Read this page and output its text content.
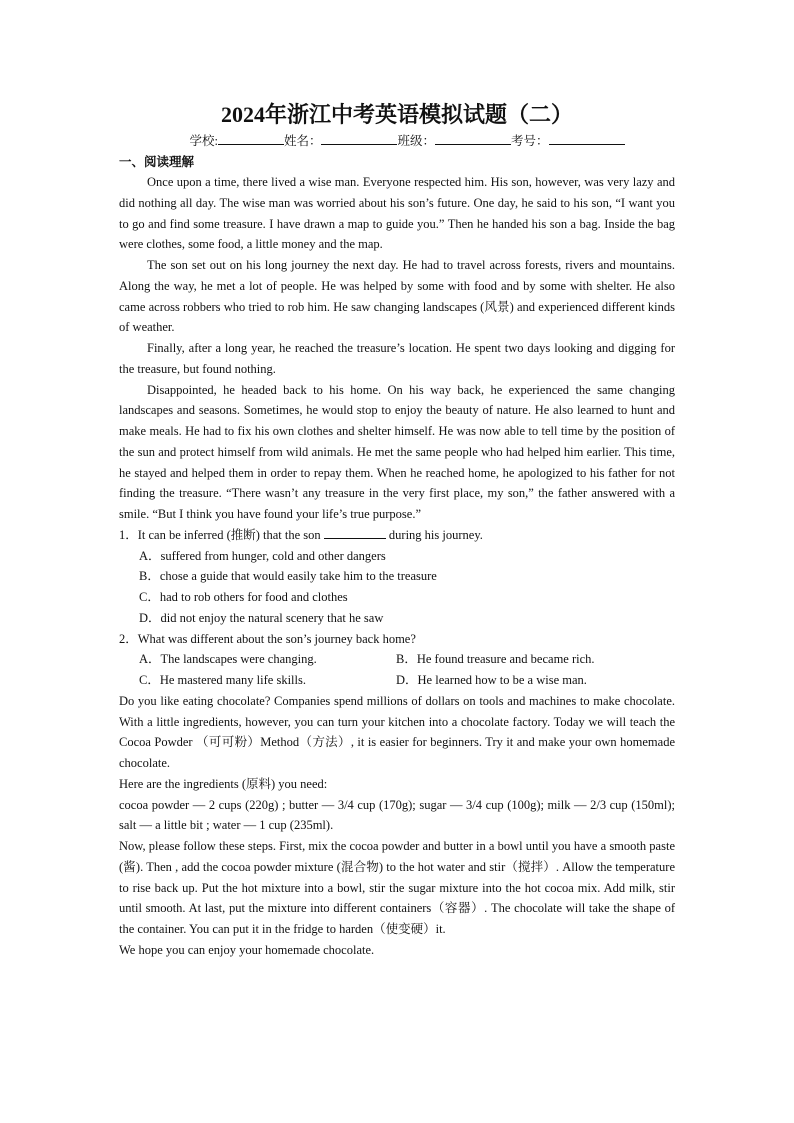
2024年浙江中考英语模拟试题（二）
学校:	姓名：	班级：	考号：
一、阅读理解

Once upon a time, there lived a wise man. Everyone respected him. His son, however, was very lazy and did nothing all day. The wise man was worried about his son’s future. One day, he said to his son, “I want you to go and find some treasure. I have drawn a map to guide you.” Then he handed his son a bag. Inside the bag were clothes, some food, a little money and the map.

The son set out on his long journey the next day. He had to travel across forests, rivers and mountains. Along the way, he met a lot of people. He was helped by some with food and by some with shelter. He also came across robbers who tried to rob him. He saw changing landscapes (风景) and experienced different kinds of weather.

Finally, after a long year, he reached the treasure’s location. He spent two days looking and digging for the treasure, but found nothing.

Disappointed, he headed back to his home. On his way back, he experienced the same changing landscapes and seasons. Sometimes, he would stop to enjoy the beauty of nature. He also learned to hunt and make meals. He had to fix his own clothes and shelter himself. He was now able to tell time by the position of the sun and protect himself from wild animals. He met the same people who had helped him earlier. This time, he stayed and helped them in order to repay them. When he reached home, he apologized to his father for not finding the treasure. “There wasn’t any treasure in the very first place, my son,” the father answered with a smile. “But I think you have found your life’s true purpose.”

1．It can be inferred (推断) that the son	during his journey.
A．suffered from hunger, cold and other dangers
B．chose a guide that would easily take him to the treasure
C．had to rob others for food and clothes
D．did not enjoy the natural scenery that he saw
2．What was different about the son’s journey back home?
A．The landscapes were changing.	B．He found treasure and became rich.
C．He mastered many life skills.	D．He learned how to be a wise man.

Do you like eating chocolate? Companies spend millions of dollars on tools and machines to make chocolate. With a little ingredients, however, you can turn your kitchen into a chocolate factory. Today we will teach the Cocoa Powder （可可粉）Method（方法）, it is easier for beginners. Try it and make your own homemade chocolate.

Here are the ingredients (原料) you need:

cocoa powder — 2 cups (220g) ; butter — 3/4 cup (170g); sugar — 3/4 cup (100g); milk — 2/3 cup (150ml); salt — a little bit ; water — 1 cup (235ml).

Now, please follow these steps. First, mix the cocoa powder and butter in a bowl until you have a smooth paste (酱). Then , add the cocoa powder mixture (混合物) to the hot water and stir（搅拌）. Allow the temperature to rise back up. Put the hot mixture into a bowl, stir the sugar mixture into the hot cocoa mix. Add milk, stir until smooth. At last, put the mixture into different containers（容器）. The chocolate will take the shape of the container. You can put it in the fridge to harden（使变硬）it.

We hope you can enjoy your homemade chocolate.
